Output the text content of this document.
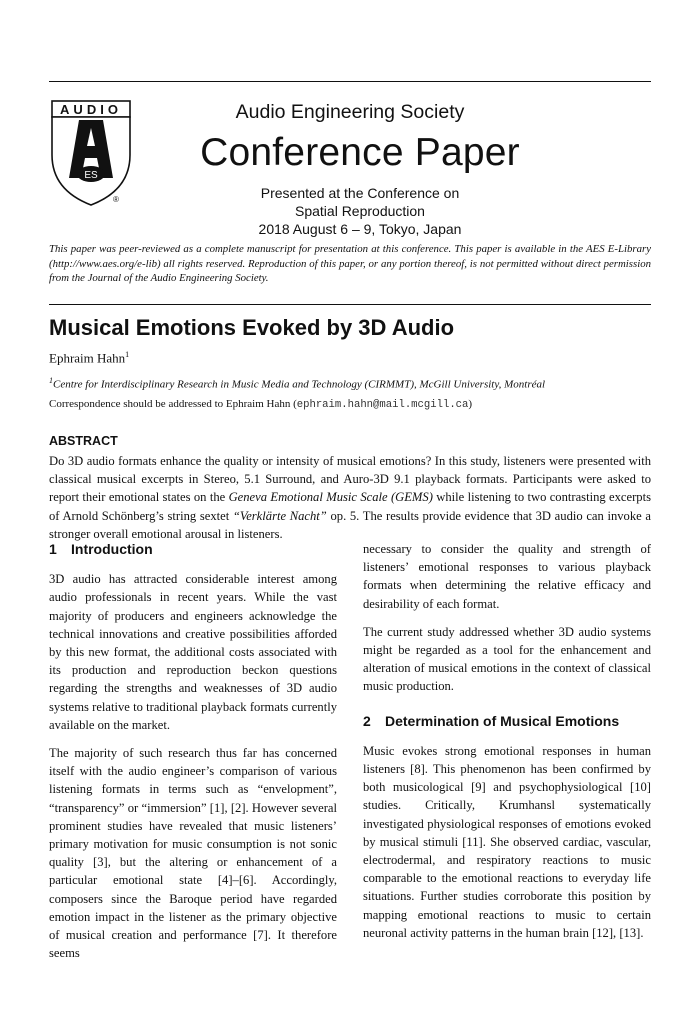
AUDIO
ES
®
Audio Engineering Society
Conference Paper
Presented at the Conference on
Spatial Reproduction
2018 August 6 – 9, Tokyo, Japan
This paper was peer-reviewed as a complete manuscript for presentation at this conference. This paper is available in the AES E-Library (http://www.aes.org/e-lib) all rights reserved. Reproduction of this paper, or any portion thereof, is not permitted without direct permission from the Journal of the Audio Engineering Society.
Musical Emotions Evoked by 3D Audio
Ephraim Hahn$^1$
$^1$Centre for Interdisciplinary Research in Music Media and Technology (CIRMMT), McGill University, Montréal
Correspondence should be addressed to Ephraim Hahn (ephraim.hahn@mail.mcgill.ca)
ABSTRACT
Do 3D audio formats enhance the quality or intensity of musical emotions? In this study, listeners were presented with classical musical excerpts in Stereo, 5.1 Surround, and Auro-3D 9.1 playback formats. Participants were asked to report their emotional states on the Geneva Emotional Music Scale (GEMS) while listening to two contrasting excerpts of Arnold Schönberg’s string sextet “Verklärte Nacht” op. 5. The results provide evidence that 3D audio can invoke a stronger overall emotional arousal in listeners.
1 Introduction

3D audio has attracted considerable interest among audio professionals in recent years. While the vast majority of producers and engineers acknowledge the technical innovations and creative possibilities afforded by this new format, the additional costs associated with its production and reproduction beckon questions regarding the strengths and weaknesses of 3D audio systems relative to traditional playback formats currently available on the market.

The majority of such research thus far has concerned itself with the audio engineer’s comparison of various listening formats in terms such as “envelopment”, “transparency” or “immersion” [1], [2]. However several prominent studies have revealed that music listeners’ primary motivation for music consumption is not sonic quality [3], but the altering or enhancement of a particular emotional state [4]–[6]. Accordingly, composers since the Baroque period have regarded emotion impact in the listener as the primary objective of musical creation and performance [7]. It therefore seems

necessary to consider the quality and strength of listeners’ emotional responses to various playback formats when determining the relative efficacy and desirability of each format.

The current study addressed whether 3D audio systems might be regarded as a tool for the enhancement and alteration of musical emotions in the context of classical music production.

2 Determination of Musical Emotions

Music evokes strong emotional responses in human listeners [8]. This phenomenon has been confirmed by both musicological [9] and psychophysiological [10] studies. Critically, Krumhansl systematically investigated physiological responses of emotions evoked by musical stimuli [11]. She observed cardiac, vascular, electrodermal, and respiratory reactions to music comparable to the emotional reactions to everyday life situations. Further studies corroborate this position by mapping emotional reactions to music to certain neuronal activity patterns in the human brain [12], [13].
